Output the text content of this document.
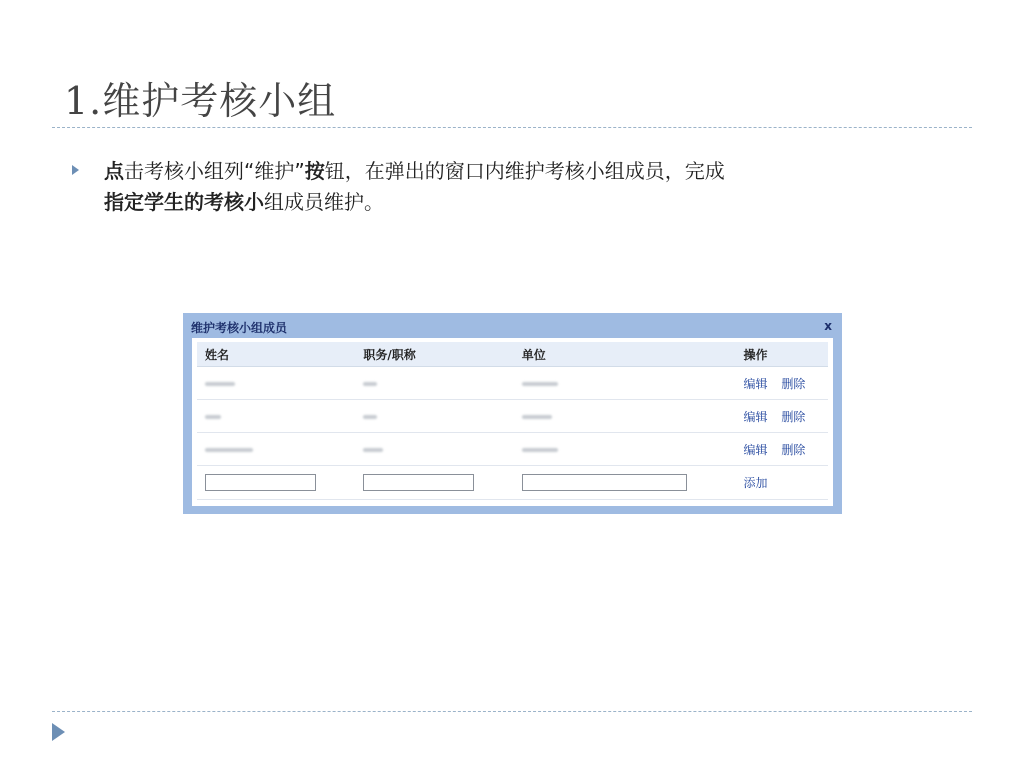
1.维护考核小组
点击考核小组列“维护”按钮，在弹出的窗口内维护考核小组成员，完成
指定学生的考核小组成员维护。
维护考核小组成员	x
姓名	职务/职称	单位	操作
			编辑 删除
			编辑 删除
			编辑 删除
			添加
